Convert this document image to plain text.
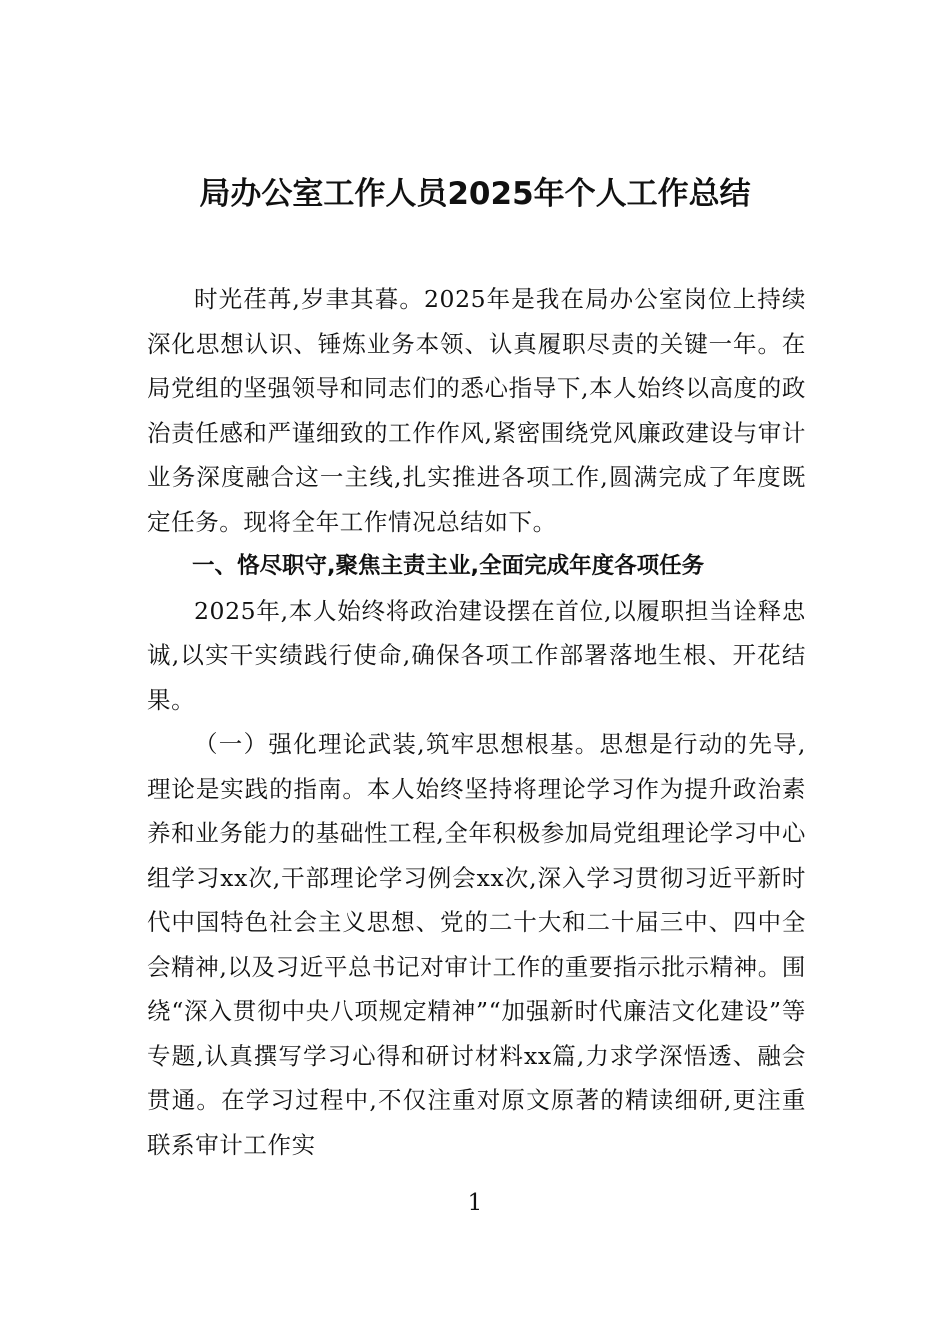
局办公室工作人员2025年个人工作总结

时光荏苒,岁聿其暮。2025年是我在局办公室岗位上持续深化思想认识、锤炼业务本领、认真履职尽责的关键一年。在局党组的坚强领导和同志们的悉心指导下,本人始终以高度的政治责任感和严谨细致的工作作风,紧密围绕党风廉政建设与审计业务深度融合这一主线,扎实推进各项工作,圆满完成了年度既定任务。现将全年工作情况总结如下。

一、恪尽职守,聚焦主责主业,全面完成年度各项任务

2025年,本人始终将政治建设摆在首位,以履职担当诠释忠诚,以实干实绩践行使命,确保各项工作部署落地生根、开花结果。

（一）强化理论武装,筑牢思想根基。思想是行动的先导,理论是实践的指南。本人始终坚持将理论学习作为提升政治素养和业务能力的基础性工程,全年积极参加局党组理论学习中心组学习xx次,干部理论学习例会xx次,深入学习贯彻习近平新时代中国特色社会主义思想、党的二十大和二十届三中、四中全会精神,以及习近平总书记对审计工作的重要指示批示精神。围绕“深入贯彻中央八项规定精神”“加强新时代廉洁文化建设”等专题,认真撰写学习心得和研讨材料xx篇,力求学深悟透、融会贯通。在学习过程中,不仅注重对原文原著的精读细研,更注重联系审计工作实

1
